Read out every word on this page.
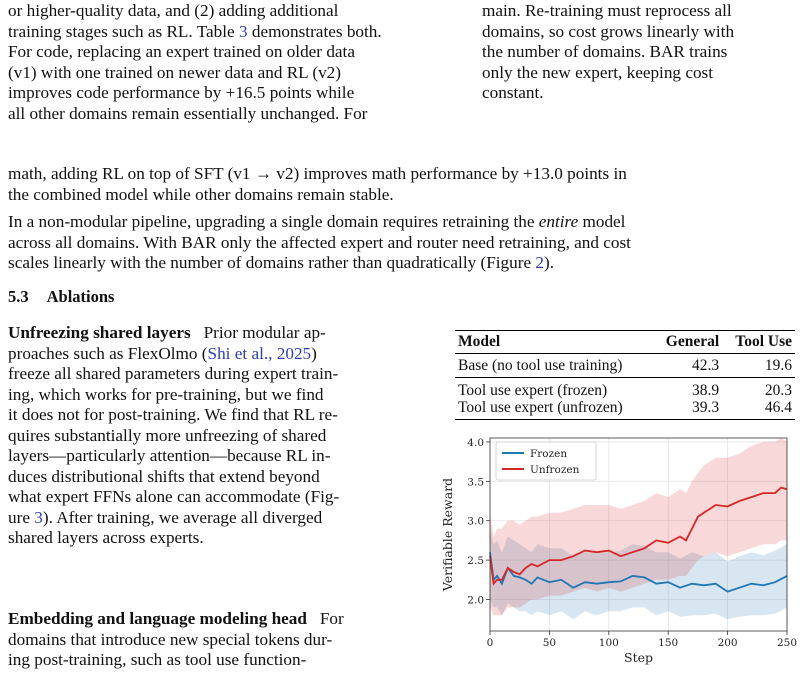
main. Re-training must reprocess all
domains, so cost grows linearly with
the number of domains. BAR trains
only the new expert, keeping cost
constant.
or higher-quality data, and (2) adding additional
training stages such as RL. Table 3 demonstrates both.
For code, replacing an expert trained on older data
(v1) with one trained on newer data and RL (v2)
improves code performance by +16.5 points while
all other domains remain essentially unchanged. For
math, adding RL on top of SFT (v1 → v2) improves math performance by +13.0 points in
the combined model while other domains remain stable.
In a non-modular pipeline, upgrading a single domain requires retraining the entire model
across all domains. With BAR only the affected expert and router need retraining, and cost
scales linearly with the number of domains rather than quadratically (Figure 2).
5.3 Ablations
Unfreezing shared layers Prior modular ap-
proaches such as FlexOlmo (Shi et al., 2025)
freeze all shared parameters during expert train-
ing, which works for pre-training, but we find
it does not for post-training. We find that RL re-
quires substantially more unfreezing of shared
layers—particularly attention—because RL in-
duces distributional shifts that extend beyond
what expert FFNs alone can accommodate (Fig-
ure 3). After training, we average all diverged
shared layers across experts.
Embedding and language modeling head For
domains that introduce new special tokens dur-
ing post-training, such as tool use function-
Model	General	Tool Use
Base (no tool use training)	42.3	19.6
Tool use expert (frozen)	38.9	20.3
Tool use expert (unfrozen)	39.3	46.4
0	50	100	150	200	250
2.0
2.5
3.0
3.5
4.0
Frozen
Unfrozen
Step
Verifiable Reward
